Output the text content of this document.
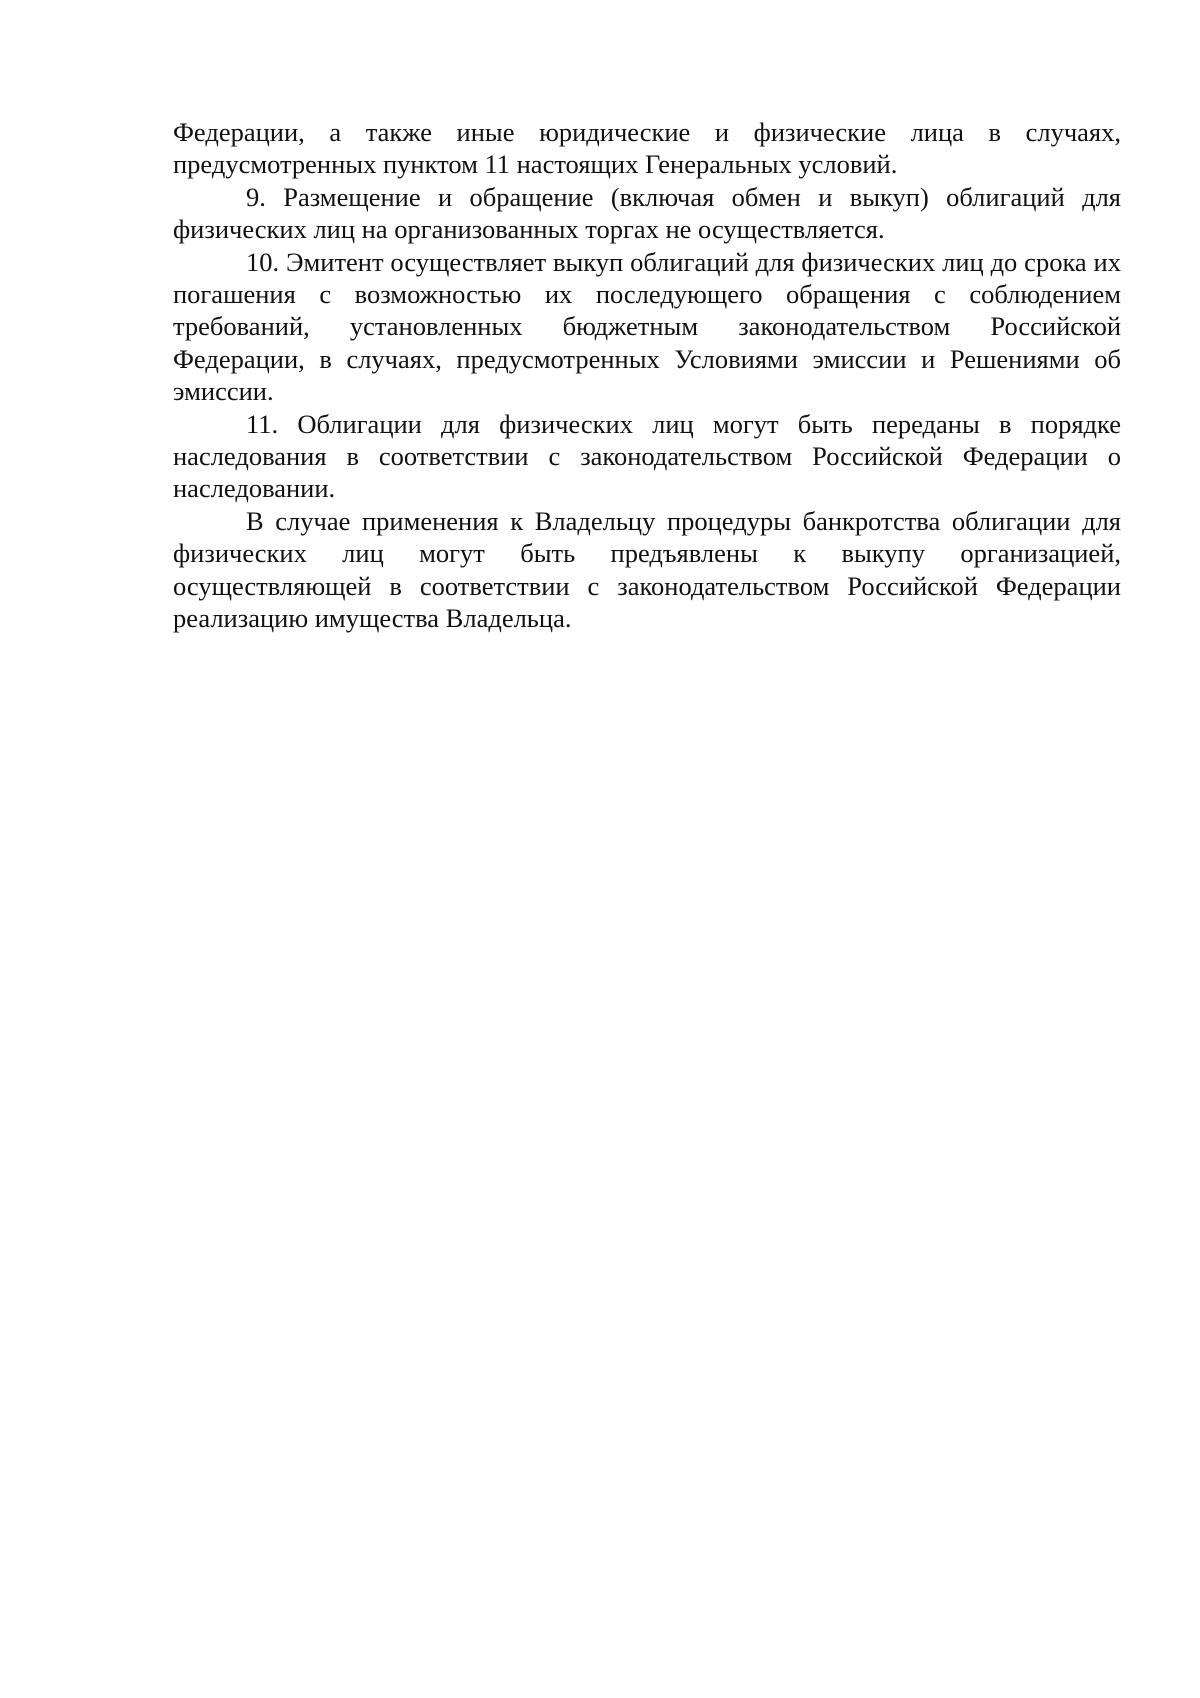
Федерации, а также иные юридические и физические лица в случаях, предусмотренных пунктом 11 настоящих Генеральных условий.

9. Размещение и обращение (включая обмен и выкуп) облигаций для физических лиц на организованных торгах не осуществляется.

10. Эмитент осуществляет выкуп облигаций для физических лиц до срока их погашения с возможностью их последующего обращения с соблюдением требований, установленных бюджетным законодательством Российской Федерации, в случаях, предусмотренных Условиями эмиссии и Решениями об эмиссии.

11. Облигации для физических лиц могут быть переданы в порядке наследования в соответствии с законодательством Российской Федерации о наследовании.

В случае применения к Владельцу процедуры банкротства облигации для физических лиц могут быть предъявлены к выкупу организацией, осуществляющей в соответствии с законодательством Российской Федерации реализацию имущества Владельца.
